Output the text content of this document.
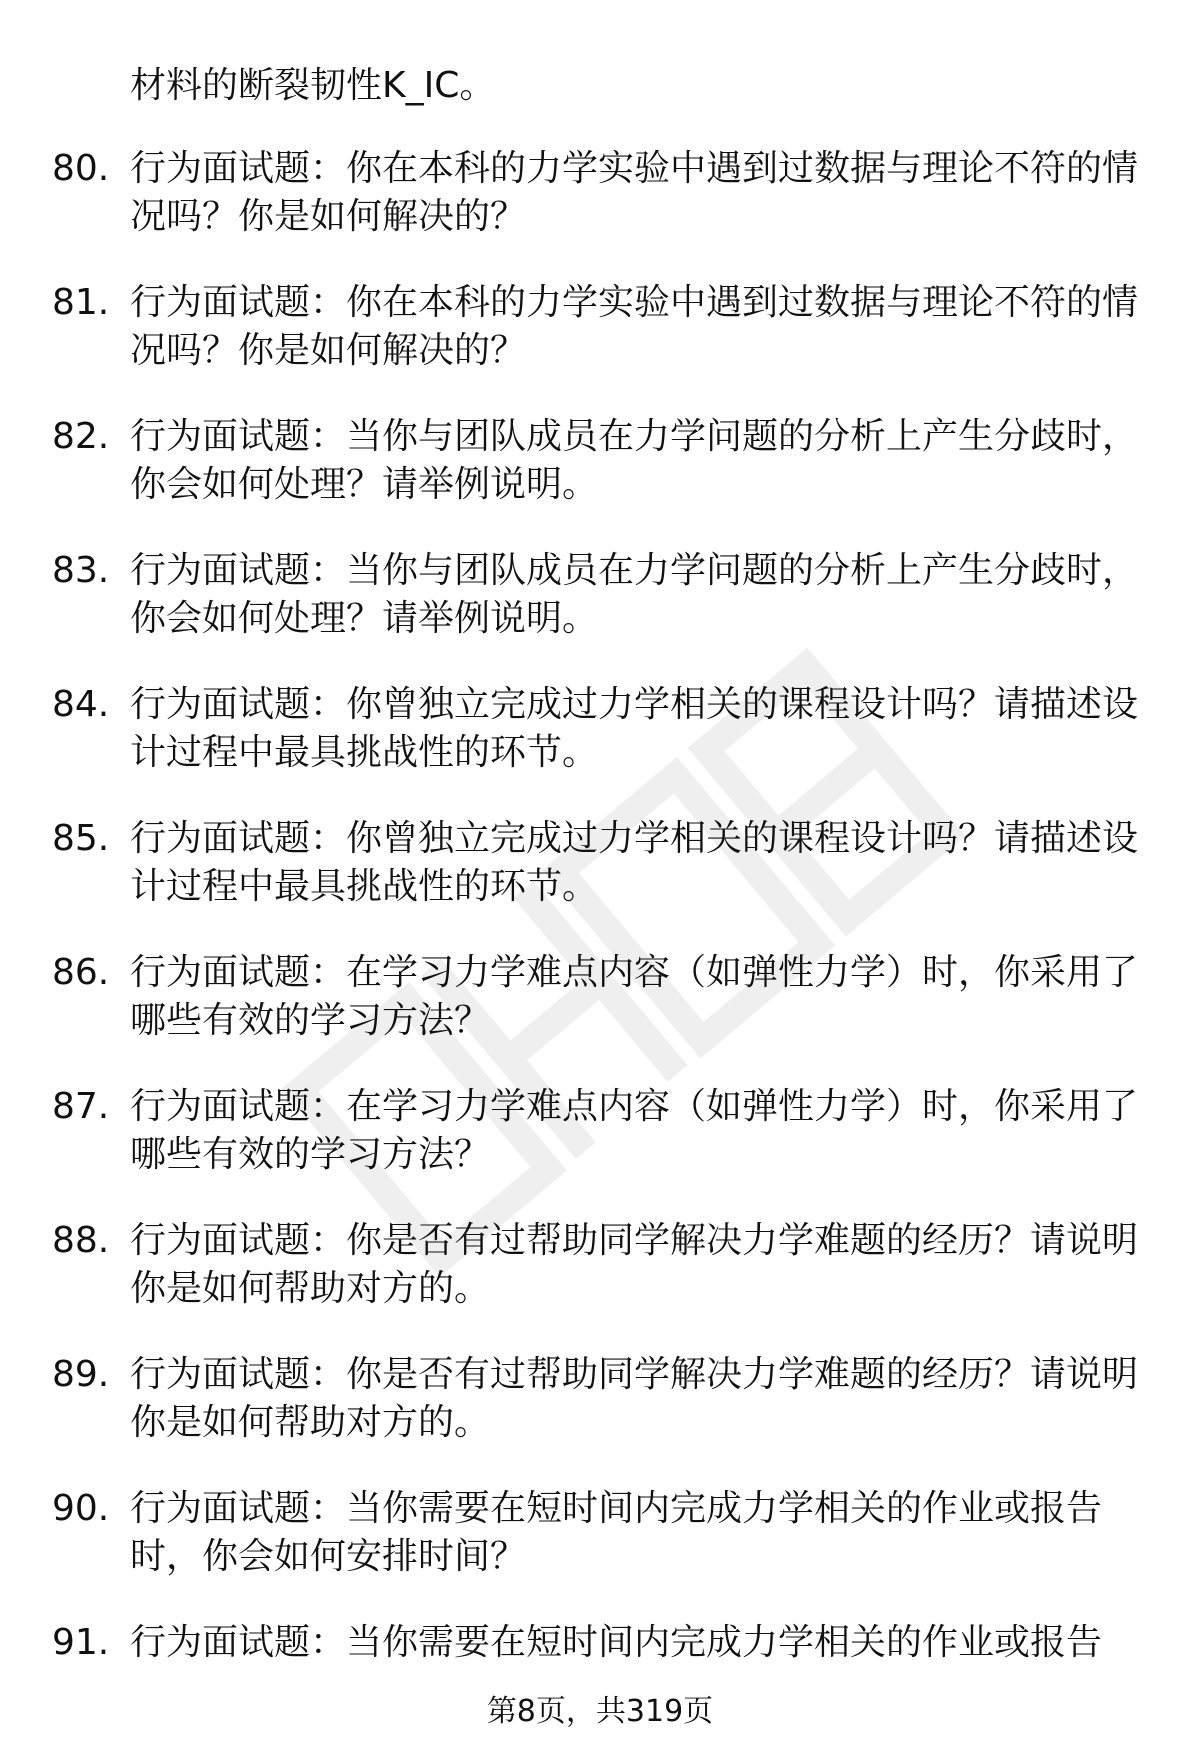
材料的断裂韧性K_IC。
80. 行为面试题：你在本科的力学实验中遇到过数据与理论不符的情况吗？你是如何解决的？
81. 行为面试题：你在本科的力学实验中遇到过数据与理论不符的情况吗？你是如何解决的？
82. 行为面试题：当你与团队成员在力学问题的分析上产生分歧时，你会如何处理？请举例说明。
83. 行为面试题：当你与团队成员在力学问题的分析上产生分歧时，你会如何处理？请举例说明。
84. 行为面试题：你曾独立完成过力学相关的课程设计吗？请描述设计过程中最具挑战性的环节。
85. 行为面试题：你曾独立完成过力学相关的课程设计吗？请描述设计过程中最具挑战性的环节。
86. 行为面试题：在学习力学难点内容（如弹性力学）时，你采用了哪些有效的学习方法？
87. 行为面试题：在学习力学难点内容（如弹性力学）时，你采用了哪些有效的学习方法？
88. 行为面试题：你是否有过帮助同学解决力学难题的经历？请说明你是如何帮助对方的。
89. 行为面试题：你是否有过帮助同学解决力学难题的经历？请说明你是如何帮助对方的。
90. 行为面试题：当你需要在短时间内完成力学相关的作业或报告时，你会如何安排时间？
91. 行为面试题：当你需要在短时间内完成力学相关的作业或报告
第8页，共319页
